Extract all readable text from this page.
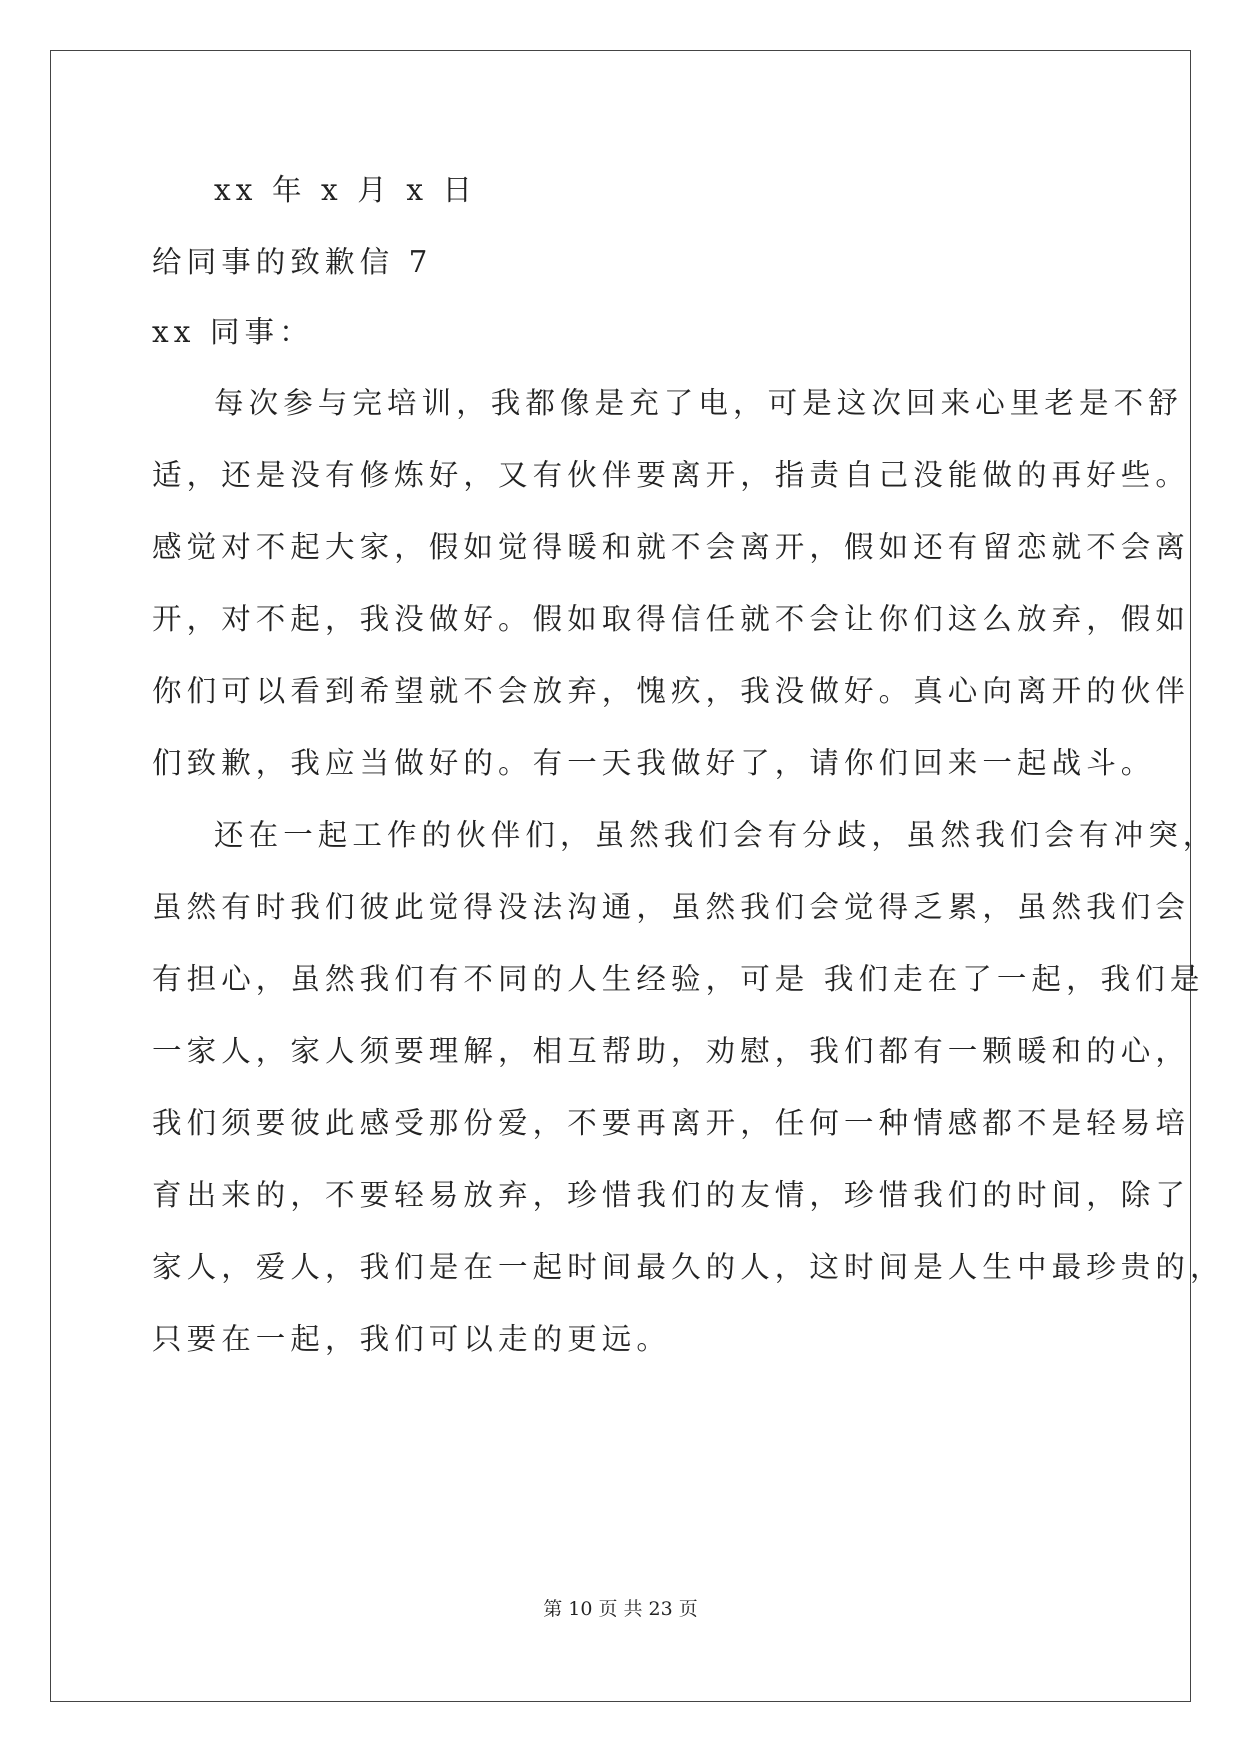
xx 年 x 月 x 日
给同事的致歉信 7
xx 同事：
每次参与完培训，我都像是充了电，可是这次回来心里老是不舒
适，还是没有修炼好，又有伙伴要离开，指责自己没能做的再好些。
感觉对不起大家，假如觉得暖和就不会离开，假如还有留恋就不会离
开，对不起，我没做好。假如取得信任就不会让你们这么放弃，假如
你们可以看到希望就不会放弃，愧疚，我没做好。真心向离开的伙伴
们致歉，我应当做好的。有一天我做好了，请你们回来一起战斗。
还在一起工作的伙伴们，虽然我们会有分歧，虽然我们会有冲突，
虽然有时我们彼此觉得没法沟通，虽然我们会觉得乏累，虽然我们会
有担心，虽然我们有不同的人生经验，可是 我们走在了一起，我们是
一家人，家人须要理解，相互帮助，劝慰，我们都有一颗暖和的心，
我们须要彼此感受那份爱，不要再离开，任何一种情感都不是轻易培
育出来的，不要轻易放弃，珍惜我们的友情，珍惜我们的时间，除了
家人，爱人，我们是在一起时间最久的人，这时间是人生中最珍贵的，
只要在一起，我们可以走的更远。
第 10 页 共 23 页
